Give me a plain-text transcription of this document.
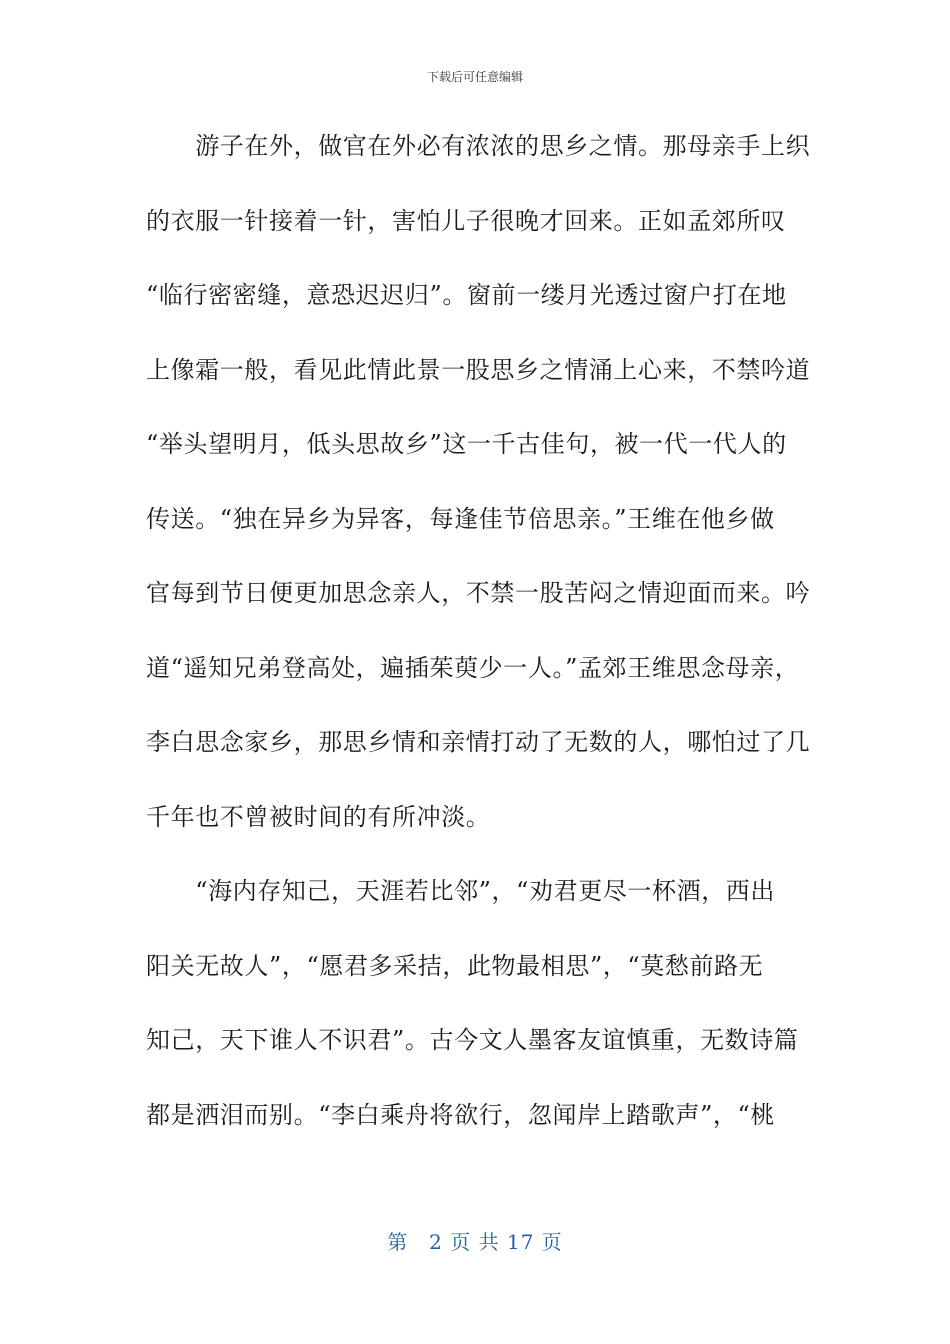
下载后可任意编辑
　　游子在外，做官在外必有浓浓的思乡之情。那母亲手上织
的衣服一针接着一针，害怕儿子很晚才回来。正如孟郊所叹
“临行密密缝，意恐迟迟归”。窗前一缕月光透过窗户打在地
上像霜一般，看见此情此景一股思乡之情涌上心来，不禁吟道
“举头望明月，低头思故乡”这一千古佳句，被一代一代人的
传送。“独在异乡为异客，每逢佳节倍思亲。”王维在他乡做
官每到节日便更加思念亲人，不禁一股苦闷之情迎面而来。吟
道“遥知兄弟登高处，遍插茱萸少一人。”孟郊王维思念母亲，
李白思念家乡，那思乡情和亲情打动了无数的人，哪怕过了几
千年也不曾被时间的有所冲淡。
　　“海内存知己，天涯若比邻”，“劝君更尽一杯酒，西出
阳关无故人”，“愿君多采拮，此物最相思”，“莫愁前路无
知己，天下谁人不识君”。古今文人墨客友谊慎重，无数诗篇
都是洒泪而别。“李白乘舟将欲行，忽闻岸上踏歌声”，“桃
第　2 页 共 17 页
